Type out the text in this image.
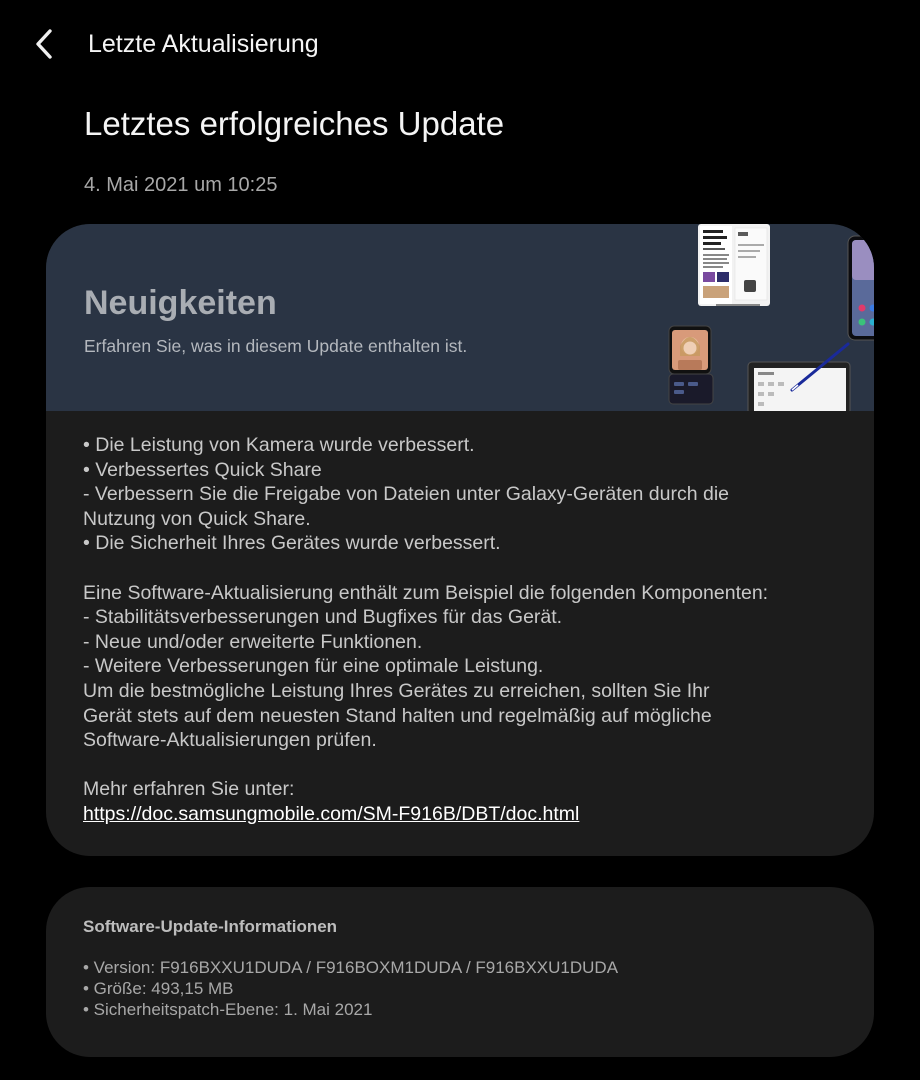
Letzte Aktualisierung
Letztes erfolgreiches Update
4. Mai 2021 um 10:25
Neuigkeiten
Erfahren Sie, was in diesem Update enthalten ist.
• Die Leistung von Kamera wurde verbessert.
• Verbessertes Quick Share
- Verbessern Sie die Freigabe von Dateien unter Galaxy-Geräten durch die
Nutzung von Quick Share.
• Die Sicherheit Ihres Gerätes wurde verbessert.
Eine Software-Aktualisierung enthält zum Beispiel die folgenden Komponenten:
- Stabilitätsverbesserungen und Bugfixes für das Gerät.
- Neue und/oder erweiterte Funktionen.
- Weitere Verbesserungen für eine optimale Leistung.
Um die bestmögliche Leistung Ihres Gerätes zu erreichen, sollten Sie Ihr
Gerät stets auf dem neuesten Stand halten und regelmäßig auf mögliche
Software-Aktualisierungen prüfen.
Mehr erfahren Sie unter:
https://doc.samsungmobile.com/SM-F916B/DBT/doc.html
Software-Update-Informationen
• Version: F916BXXU1DUDA / F916BOXM1DUDA / F916BXXU1DUDA
• Größe: 493,15 MB
• Sicherheitspatch-Ebene: 1. Mai 2021
